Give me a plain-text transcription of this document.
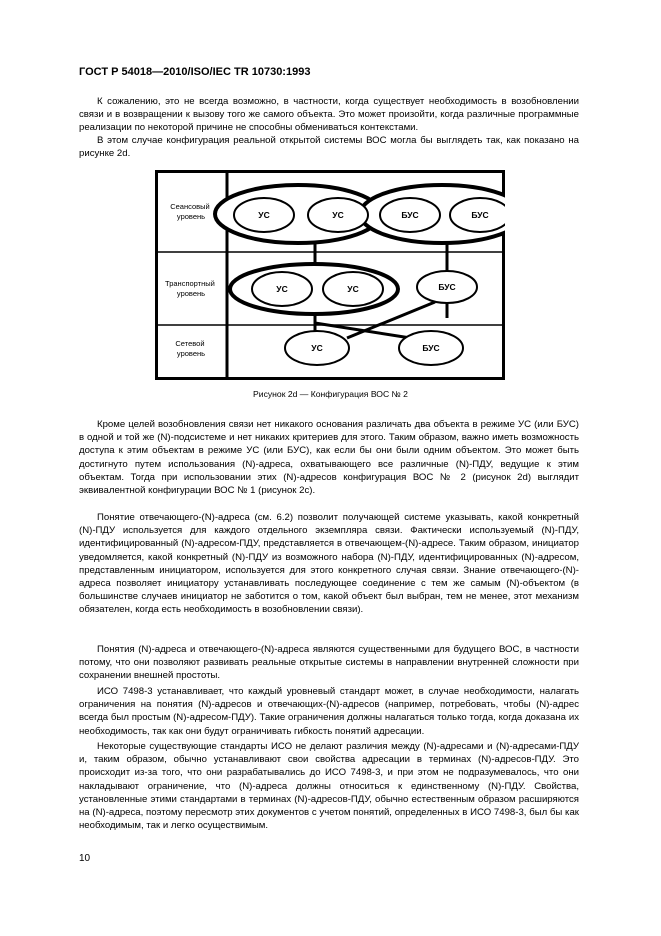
ГОСТ Р 54018—2010/ISO/IEC TR 10730:1993

К сожалению, это не всегда возможно, в частности, когда существует необходимость в возобновлении связи и в возвращении к вызову того же самого объекта. Это может произойти, когда различные программные реализации по некоторой причине не способны обмениваться контекстами.

В этом случае конфигурация реальной открытой системы ВОС могла бы выглядеть так, как показано на рисунке 2d.

Сеансовый уровень
Транспортный уровень
Сетевой уровень
УС	УС	БУС	БУС
УС	УС	БУС
УС	БУС
Рисунок 2d — Конфигурация ВОС № 2

Кроме целей возобновления связи нет никакого основания различать два объекта в режиме УС (или БУС) в одной и той же (N)-подсистеме и нет никаких критериев для этого. Таким образом, важно иметь возможность доступа к этим объектам в режиме УС (или БУС), как если бы они были одним объектом. Это может быть достигнуто путем использования (N)-адреса, охватывающего все различные (N)-ПДУ, ведущие к этим объектам. Тогда при использовании этих (N)-адресов конфигурация ВОС № 2 (рисунок 2d) выглядит эквивалентной конфигурации ВОС № 1 (рисунок 2с).

Понятие отвечающего-(N)-адреса (см. 6.2) позволит получающей системе указывать, какой конкретный (N)-ПДУ используется для каждого отдельного экземпляра связи. Фактически используемый (N)-ПДУ, идентифицированный (N)-адресом-ПДУ, представляется в отвечающем-(N)-адресе. Таким образом, инициатор уведомляется, какой конкретный (N)-ПДУ из возможного набора (N)-ПДУ, идентифицированных (N)-адресом, представленным инициатором, используется для этого конкретного случая связи. Знание отвечающего-(N)-адреса позволяет инициатору устанавливать последующее соединение с тем же самым (N)-объектом (в большинстве случаев инициатор не заботится о том, какой объект был выбран, тем не менее, этот механизм обязателен, когда есть необходимость в возобновлении связи).

Понятия (N)-адреса и отвечающего-(N)-адреса являются существенными для будущего ВОС, в частности потому, что они позволяют развивать реальные открытые системы в направлении внутренней сложности при сохранении внешней простоты.

ИСО 7498-3 устанавливает, что каждый уровневый стандарт может, в случае необходимости, налагать ограничения на понятия (N)-адресов и отвечающих-(N)-адресов (например, потребовать, чтобы (N)-адрес всегда был простым (N)-адресом-ПДУ). Такие ограничения должны налагаться только тогда, когда доказана их необходимость, так как они будут ограничивать гибкость понятий адресации.

Некоторые существующие стандарты ИСО не делают различия между (N)-адресами и (N)-адресами-ПДУ и, таким образом, обычно устанавливают свои свойства адресации в терминах (N)-адресов-ПДУ. Это происходит из-за того, что они разрабатывались до ИСО 7498-3, и при этом не подразумевалось, что они накладывают ограничение, что (N)-адреса должны относиться к единственному (N)-ПДУ. Свойства, установленные этими стандартами в терминах (N)-адресов-ПДУ, обычно естественным образом расширяются на (N)-адреса, поэтому пересмотр этих документов с учетом понятий, определенных в ИСО 7498-3, был бы как необходимым, так и легко осуществимым.

10
